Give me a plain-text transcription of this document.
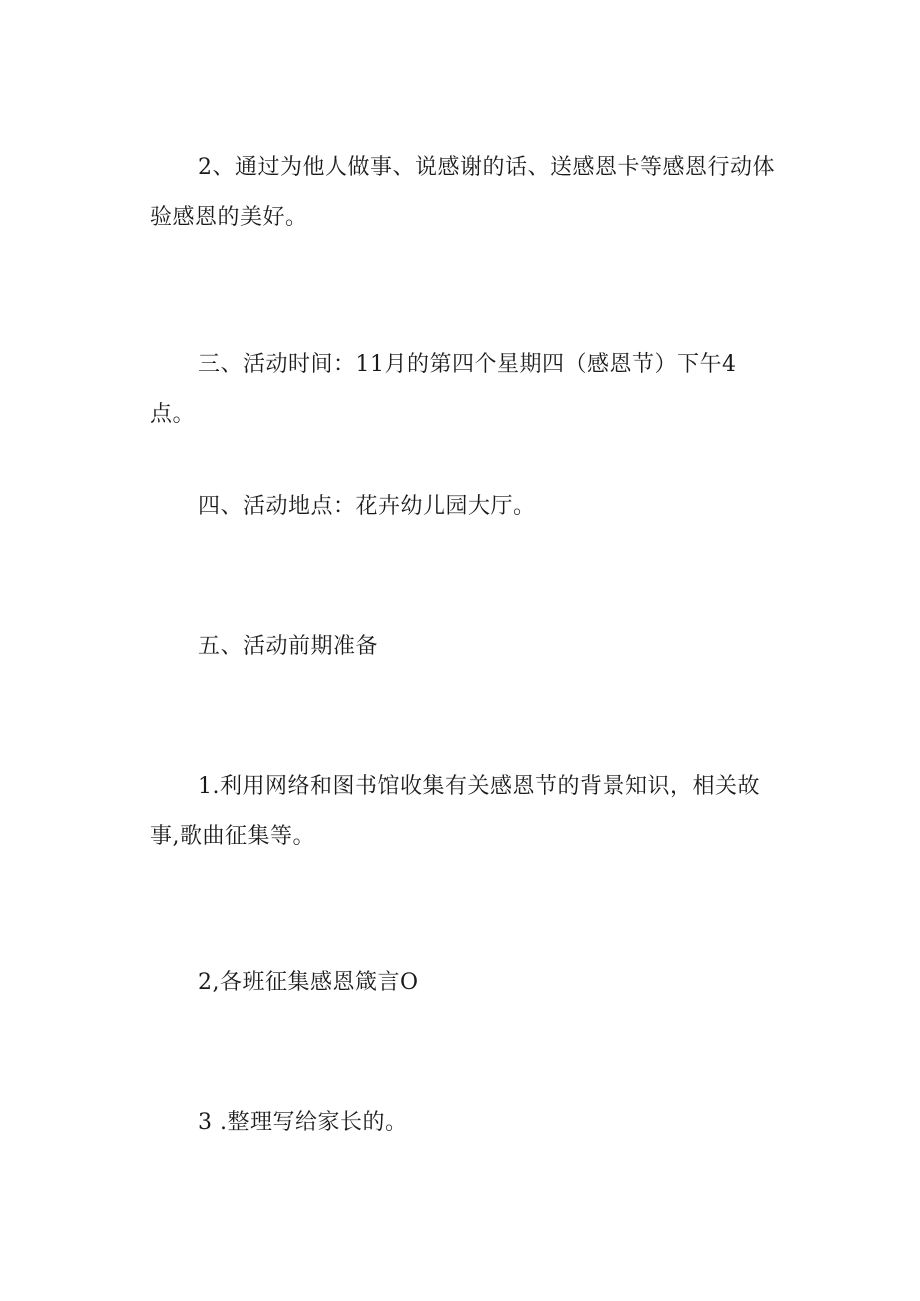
2、通过为他人做事、说感谢的话、送感恩卡等感恩行动体验感恩的美好。

三、活动时间：11月的第四个星期四（感恩节）下午4点。

四、活动地点：花卉幼儿园大厅。

五、活动前期准备

1.利用网络和图书馆收集有关感恩节的背景知识，相关故事,歌曲征集等。

2,各班征集感恩箴言O

3 .整理写给家长的。
